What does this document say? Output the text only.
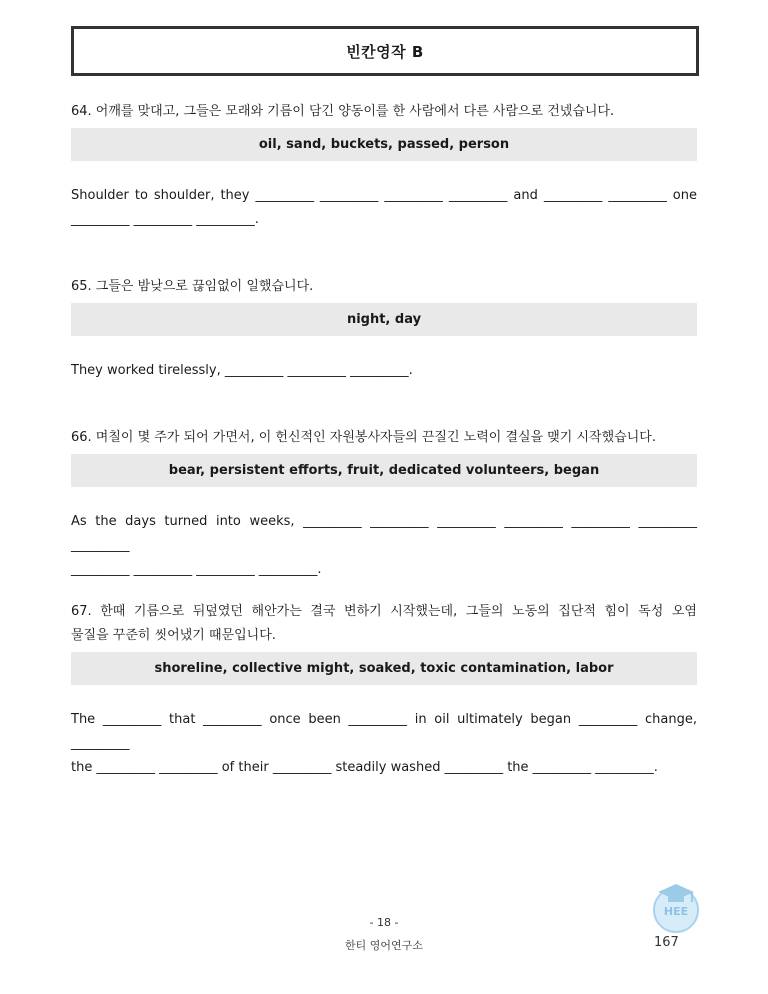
빈칸영작 B

64. 어깨를 맞대고, 그들은 모래와 기름이 담긴 양동이를 한 사람에서 다른 사람으로 건넸습니다.

oil, sand, buckets, passed, person

Shoulder to shoulder, they _________ _________ _________ _________ and _________ _________ one

_________ _________ _________.

65. 그들은 밤낮으로 끊임없이 일했습니다.

night, day

They worked tirelessly, _________ _________ _________.

66. 며칠이 몇 주가 되어 가면서, 이 헌신적인 자원봉사자들의 끈질긴 노력이 결실을 맺기 시작했습니다.

bear, persistent efforts, fruit, dedicated volunteers, began

As the days turned into weeks, _________ _________ _________ _________ _________ _________ _________

_________ _________ _________ _________.

67. 한때 기름으로 뒤덮였던 해안가는 결국 변하기 시작했는데, 그들의 노동의 집단적 힘이 독성 오염

물질을 꾸준히 씻어냈기 때문입니다.

shoreline, collective might, soaked, toxic contamination, labor

The _________ that _________ once been _________ in oil ultimately began _________ change, _________

the _________ _________ of their _________ steadily washed _________ the _________ _________.

- 18 -
한티 영어연구소
HEE
167
